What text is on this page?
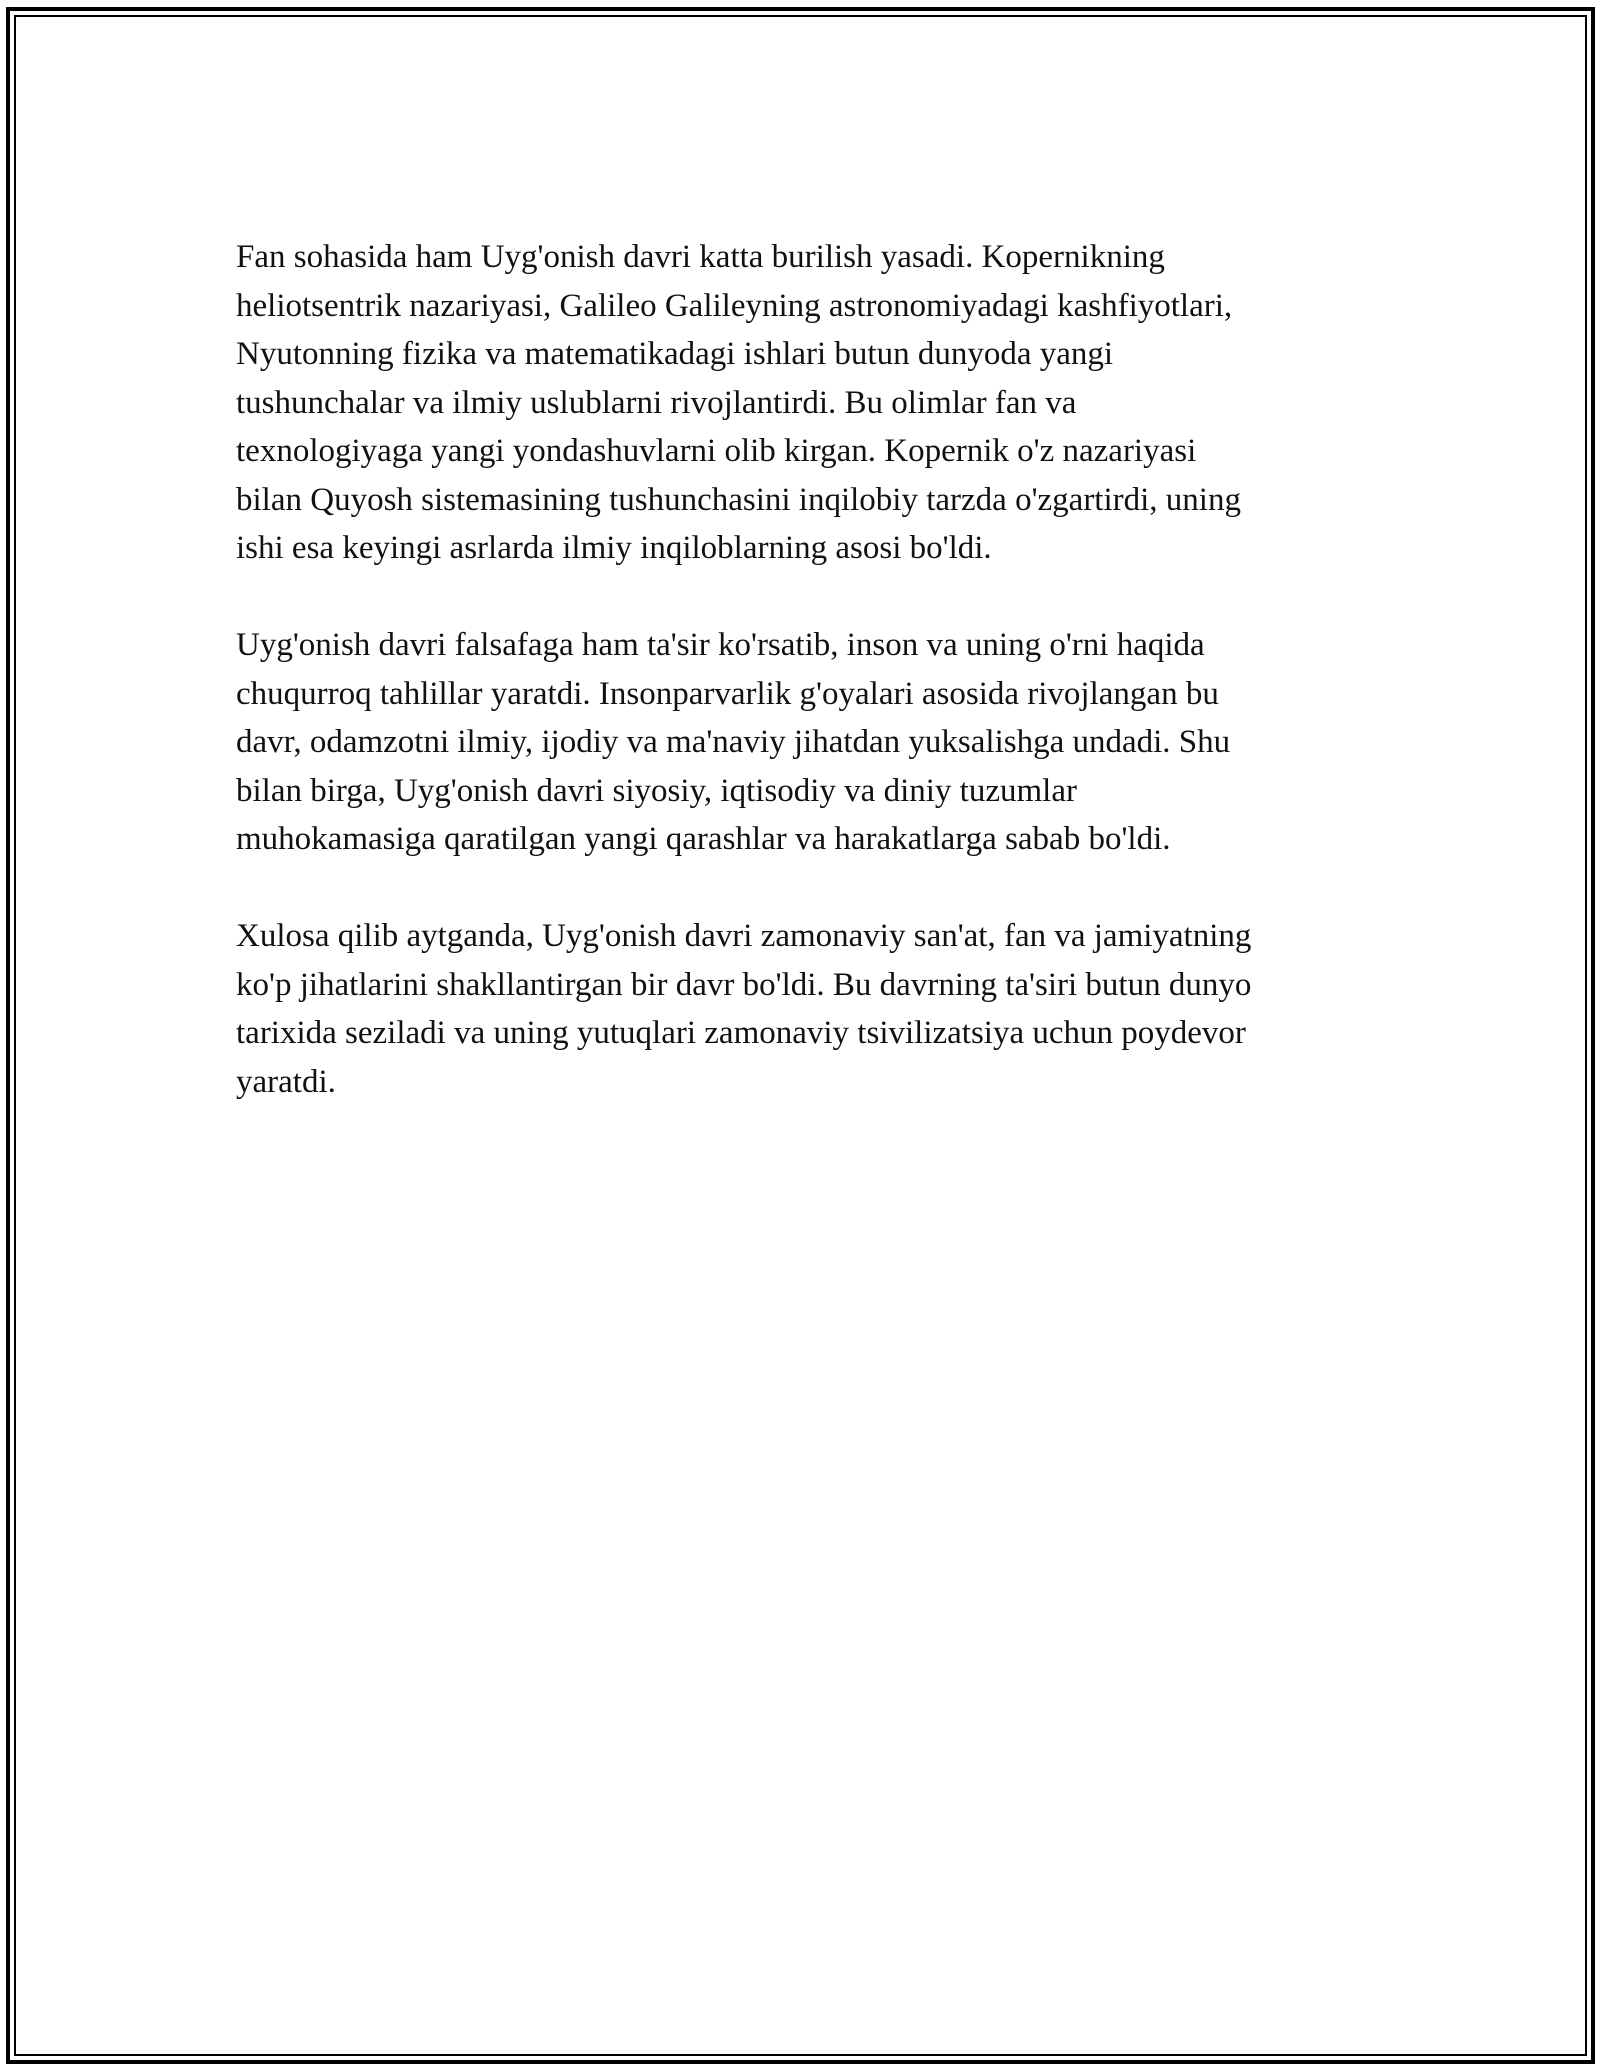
Fan sohasida ham Uyg'onish davri katta burilish yasadi. Kopernikning
heliotsentrik nazariyasi, Galileo Galileyning astronomiyadagi kashfiyotlari,
Nyutonning fizika va matematikadagi ishlari butun dunyoda yangi
tushunchalar va ilmiy uslublarni rivojlantirdi. Bu olimlar fan va
texnologiyaga yangi yondashuvlarni olib kirgan. Kopernik o'z nazariyasi
bilan Quyosh sistemasining tushunchasini inqilobiy tarzda o'zgartirdi, uning
ishi esa keyingi asrlarda ilmiy inqiloblarning asosi bo'ldi.

Uyg'onish davri falsafaga ham ta'sir ko'rsatib, inson va uning o'rni haqida
chuqurroq tahlillar yaratdi. Insonparvarlik g'oyalari asosida rivojlangan bu
davr, odamzotni ilmiy, ijodiy va ma'naviy jihatdan yuksalishga undadi. Shu
bilan birga, Uyg'onish davri siyosiy, iqtisodiy va diniy tuzumlar
muhokamasiga qaratilgan yangi qarashlar va harakatlarga sabab bo'ldi.

Xulosa qilib aytganda, Uyg'onish davri zamonaviy san'at, fan va jamiyatning
ko'p jihatlarini shakllantirgan bir davr bo'ldi. Bu davrning ta'siri butun dunyo
tarixida seziladi va uning yutuqlari zamonaviy tsivilizatsiya uchun poydevor
yaratdi.
